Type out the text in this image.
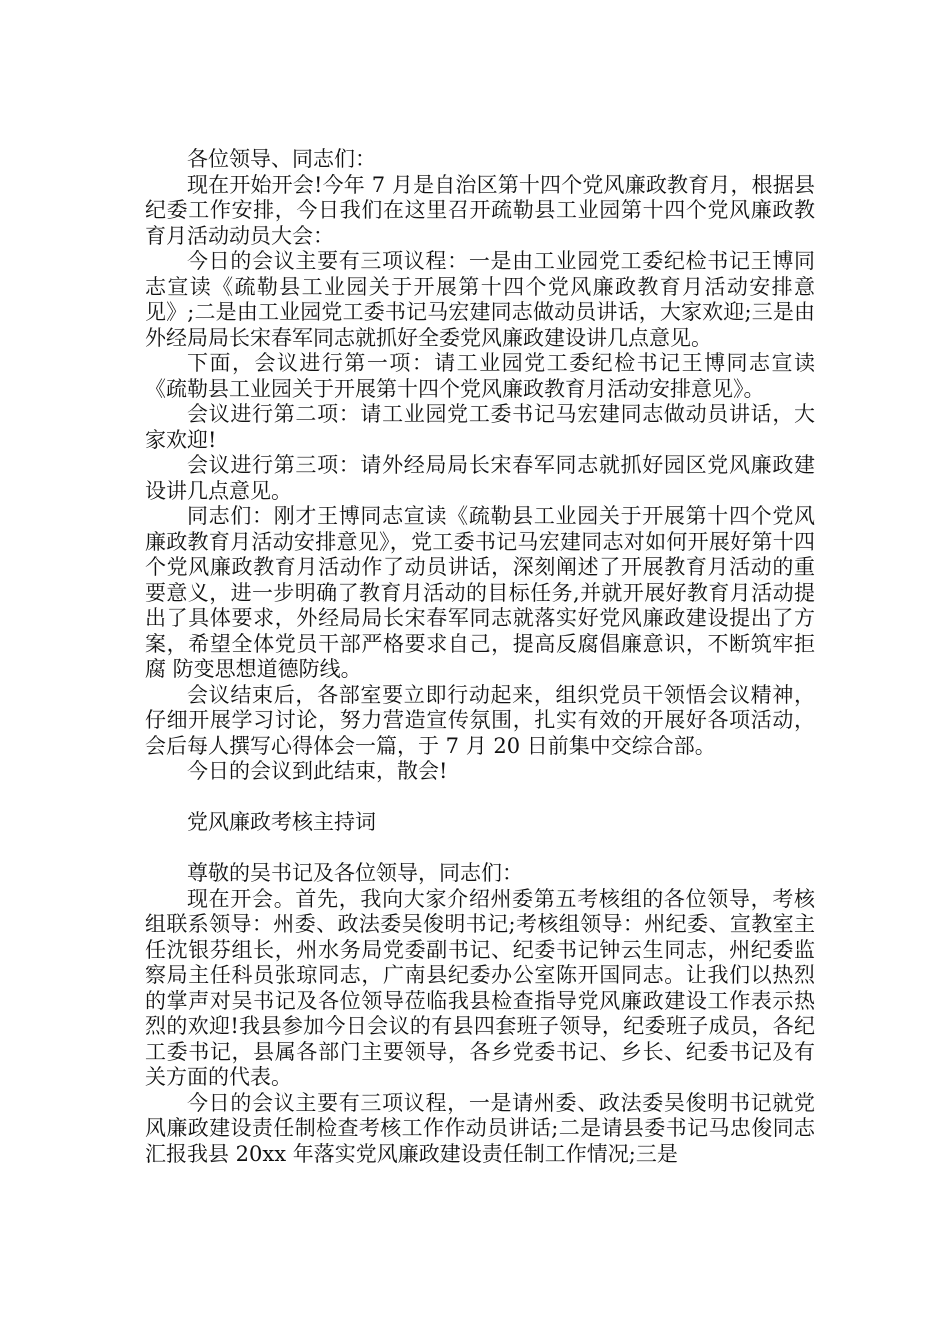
各位领导、同志们：

现在开始开会!今年 7 月是自治区第十四个党风廉政教育月，根据县纪委工作安排，今日我们在这里召开疏勒县工业园第十四个党风廉政教育月活动动员大会：

今日的会议主要有三项议程：一是由工业园党工委纪检书记王博同志宣读《疏勒县工业园关于开展第十四个党风廉政教育月活动安排意见》;二是由工业园党工委书记马宏建同志做动员讲话，大家欢迎;三是由外经局局长宋春军同志就抓好全委党风廉政建设讲几点意见。

下面，会议进行第一项：请工业园党工委纪检书记王博同志宣读《疏勒县工业园关于开展第十四个党风廉政教育月活动安排意见》。

会议进行第二项：请工业园党工委书记马宏建同志做动员讲话，大家欢迎!

会议进行第三项：请外经局局长宋春军同志就抓好园区党风廉政建设讲几点意见。

同志们：刚才王博同志宣读《疏勒县工业园关于开展第十四个党风廉政教育月活动安排意见》，党工委书记马宏建同志对如何开展好第十四个党风廉政教育月活动作了动员讲话，深刻阐述了开展教育月活动的重要意义，进一步明确了教育月活动的目标任务,并就开展好教育月活动提出了具体要求，外经局局长宋春军同志就落实好党风廉政建设提出了方案，希望全体党员干部严格要求自己，提高反腐倡廉意识，不断筑牢拒腐 防变思想道德防线。

会议结束后，各部室要立即行动起来，组织党员干领悟会议精神，仔细开展学习讨论，努力营造宣传氛围，扎实有效的开展好各项活动，会后每人撰写心得体会一篇，于 7 月 20 日前集中交综合部。

今日的会议到此结束，散会!

党风廉政考核主持词

尊敬的吴书记及各位领导，同志们：

现在开会。首先，我向大家介绍州委第五考核组的各位领导，考核组联系领导：州委、政法委吴俊明书记;考核组领导：州纪委、宣教室主任沈银芬组长，州水务局党委副书记、纪委书记钟云生同志，州纪委监察局主任科员张琼同志，广南县纪委办公室陈开国同志。让我们以热烈的掌声对吴书记及各位领导莅临我县检查指导党风廉政建设工作表示热烈的欢迎!我县参加今日会议的有县四套班子领导，纪委班子成员，各纪工委书记，县属各部门主要领导，各乡党委书记、乡长、纪委书记及有关方面的代表。

今日的会议主要有三项议程，一是请州委、政法委吴俊明书记就党风廉政建设责任制检查考核工作作动员讲话;二是请县委书记马忠俊同志汇报我县 20xx 年落实党风廉政建设责任制工作情况;三是
